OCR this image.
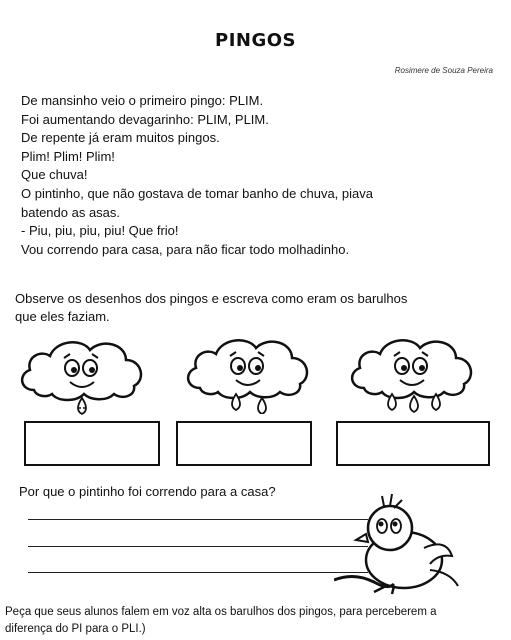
PINGOS
Rosimere de Souza Pereira
De mansinho veio o primeiro pingo: PLIM.
Foi aumentando devagarinho: PLIM, PLIM.
De repente já eram muitos pingos.
Plim! Plim! Plim!
Que chuva!
O pintinho, que não gostava de tomar banho de chuva, piava
batendo as asas.
- Piu, piu, piu, piu! Que frio!
Vou correndo para casa, para não ficar todo molhadinho.
Observe os desenhos dos pingos e escreva como eram os barulhos
que eles faziam.
Por que o pintinho foi correndo para a casa?
Peça que seus alunos falem em voz alta os barulhos dos pingos, para perceberem a
diferença do PI para o PLI.)
